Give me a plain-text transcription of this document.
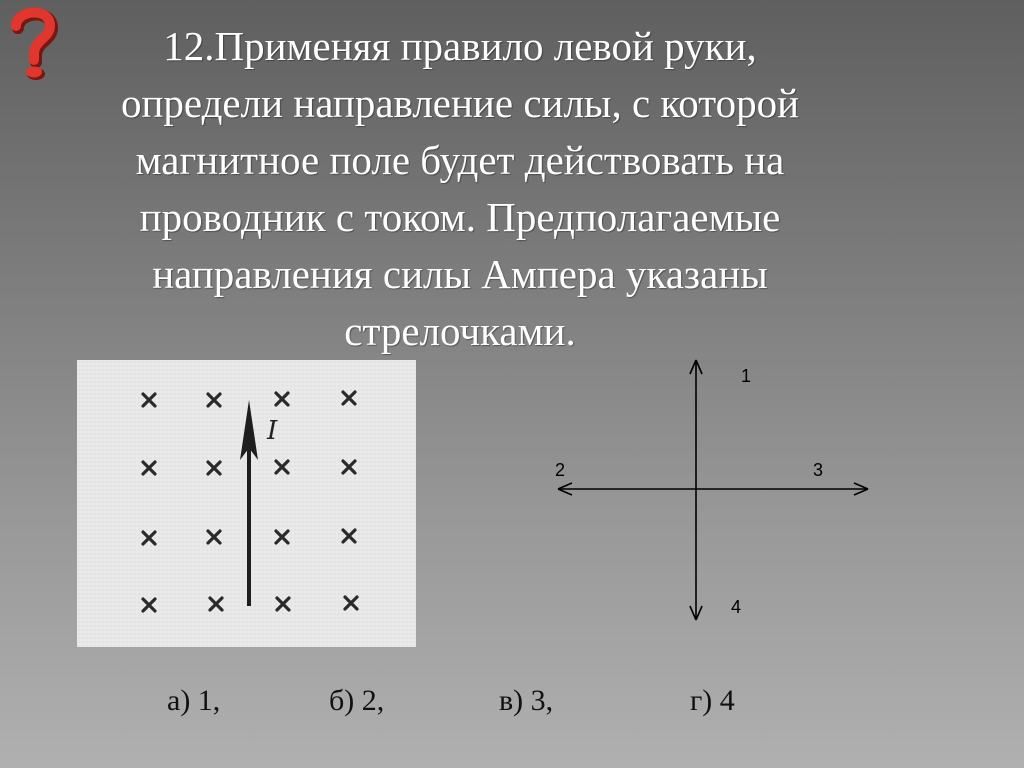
12.Применяя правило левой руки,
определи направление силы, с которой
магнитное поле будет действовать на
проводник с током. Предполагаемые
направления силы Ампера указаны
стрелочками.
I
1
2	3
4
а) 1,	б) 2,	в) 3,	г) 4
